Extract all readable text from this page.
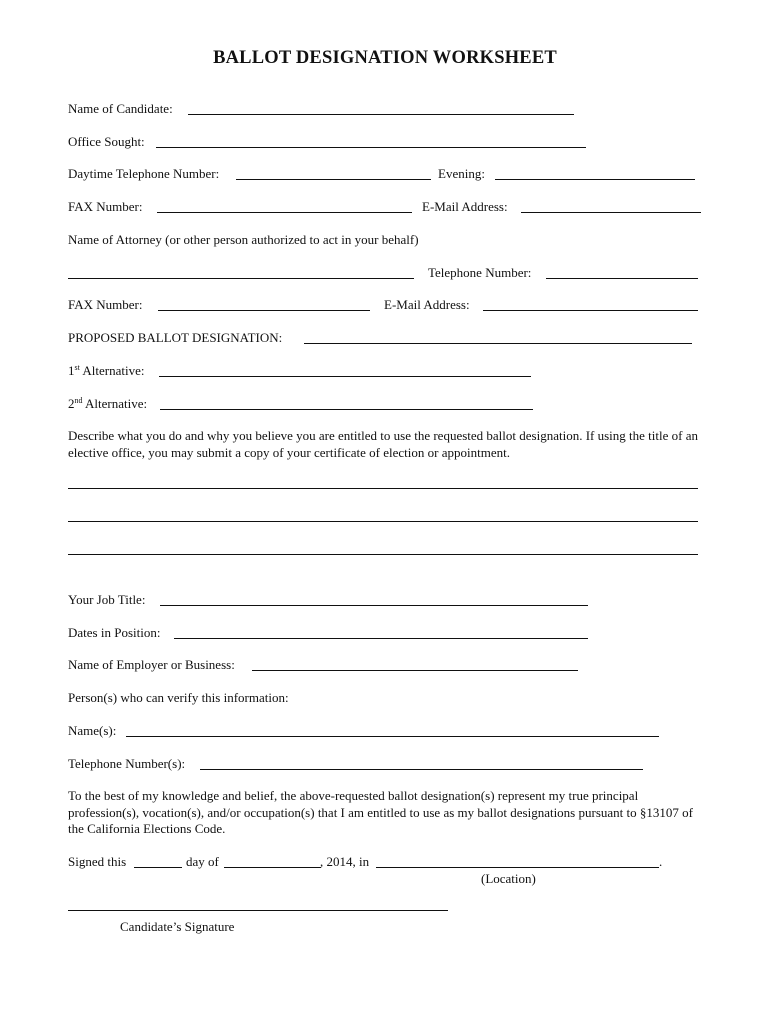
BALLOT DESIGNATION WORKSHEET
Name of Candidate:
Office Sought:
Daytime Telephone Number:	Evening:
FAX Number:	E-Mail Address:
Name of Attorney (or other person authorized to act in your behalf)
Telephone Number:
FAX Number:	E-Mail Address:
PROPOSED BALLOT DESIGNATION:
1st Alternative:
2nd Alternative:
Describe what you do and why you believe you are entitled to use the requested ballot designation. If using the title of an elective office, you may submit a copy of your certificate of election or appointment.
Your Job Title:
Dates in Position:
Name of Employer or Business:
Person(s) who can verify this information:
Name(s):
Telephone Number(s):
To the best of my knowledge and belief, the above-requested ballot designation(s) represent my true principal profession(s), vocation(s), and/or occupation(s) that I am entitled to use as my ballot designations pursuant to §13107 of the California Elections Code.
Signed this	day of	, 2014, in	.
(Location)
Candidate’s Signature
